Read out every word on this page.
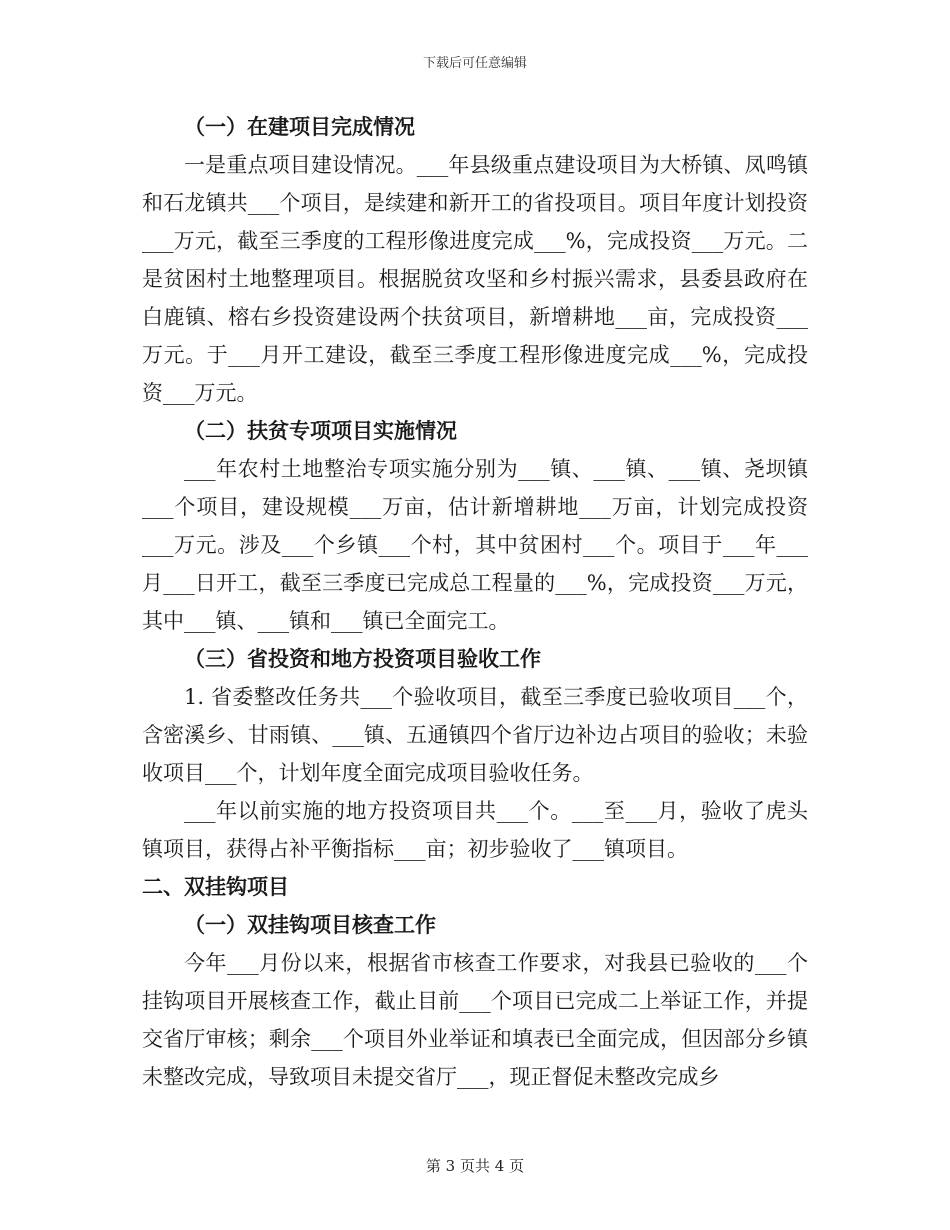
下载后可任意编辑

（一）在建项目完成情况

一是重点项目建设情况。___年县级重点建设项目为大桥镇、凤鸣镇和石龙镇共___个项目，是续建和新开工的省投项目。项目年度计划投资___万元，截至三季度的工程形像进度完成___%，完成投资___万元。二是贫困村土地整理项目。根据脱贫攻坚和乡村振兴需求，县委县政府在白鹿镇、榕右乡投资建设两个扶贫项目，新增耕地___亩，完成投资___万元。于___月开工建设，截至三季度工程形像进度完成___%，完成投资___万元。

（二）扶贫专项项目实施情况

___年农村土地整治专项实施分别为___镇、___镇、___镇、尧坝镇___个项目，建设规模___万亩，估计新增耕地___万亩，计划完成投资___万元。涉及___个乡镇___个村，其中贫困村___个。项目于___年___月___日开工，截至三季度已完成总工程量的___%，完成投资___万元，其中___镇、___镇和___镇已全面完工。

（三）省投资和地方投资项目验收工作

1. 省委整改任务共___个验收项目，截至三季度已验收项目___个，含密溪乡、甘雨镇、___镇、五通镇四个省厅边补边占项目的验收；未验收项目___个，计划年度全面完成项目验收任务。

___年以前实施的地方投资项目共___个。___至___月，验收了虎头镇项目，获得占补平衡指标___亩；初步验收了___镇项目。

二、双挂钩项目

（一）双挂钩项目核查工作

今年___月份以来，根据省市核查工作要求，对我县已验收的___个挂钩项目开展核查工作，截止目前___个项目已完成二上举证工作，并提交省厅审核；剩余___个项目外业举证和填表已全面完成，但因部分乡镇未整改完成，导致项目未提交省厅___，现正督促未整改完成乡

第 3 页共 4 页
